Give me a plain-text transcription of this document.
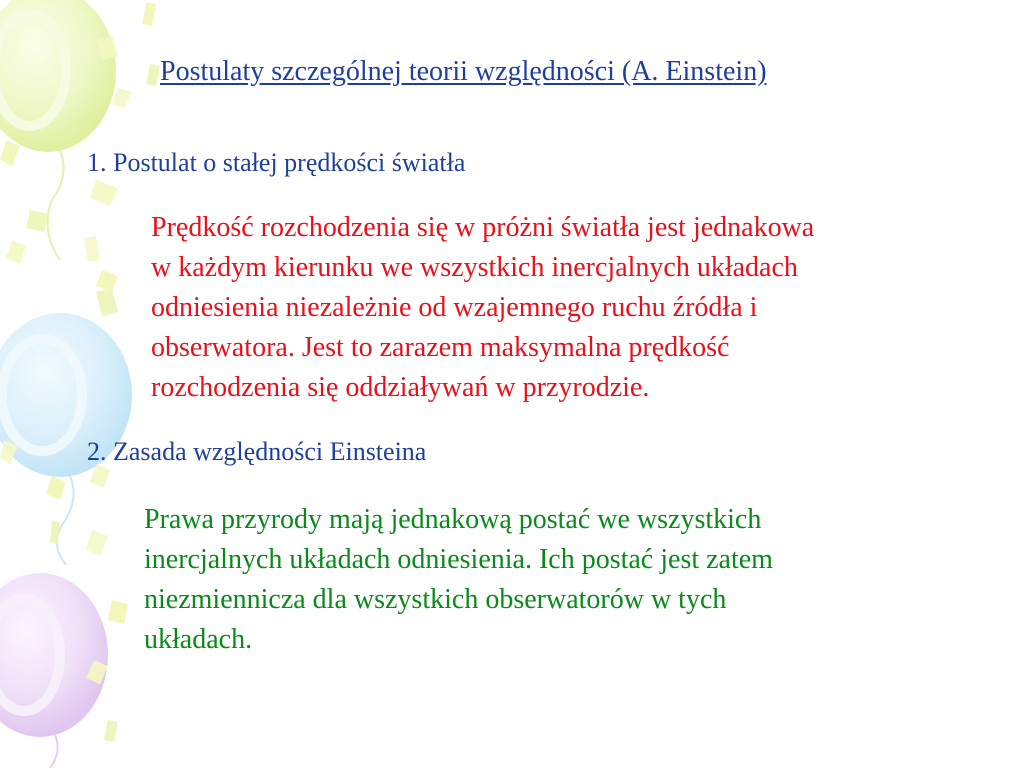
Postulaty szczególnej teorii względności (A. Einstein)

1. Postulat o stałej prędkości światła

Prędkość rozchodzenia się w próżni światła jest jednakowa
w każdym kierunku we wszystkich inercjalnych układach
odniesienia niezależnie od wzajemnego ruchu źródła i
obserwatora. Jest to zarazem maksymalna prędkość
rozchodzenia się oddziaływań w przyrodzie.

2. Zasada względności Einsteina

Prawa przyrody mają jednakową postać we wszystkich
inercjalnych układach odniesienia. Ich postać jest zatem
niezmiennicza dla wszystkich obserwatorów w tych
układach.
